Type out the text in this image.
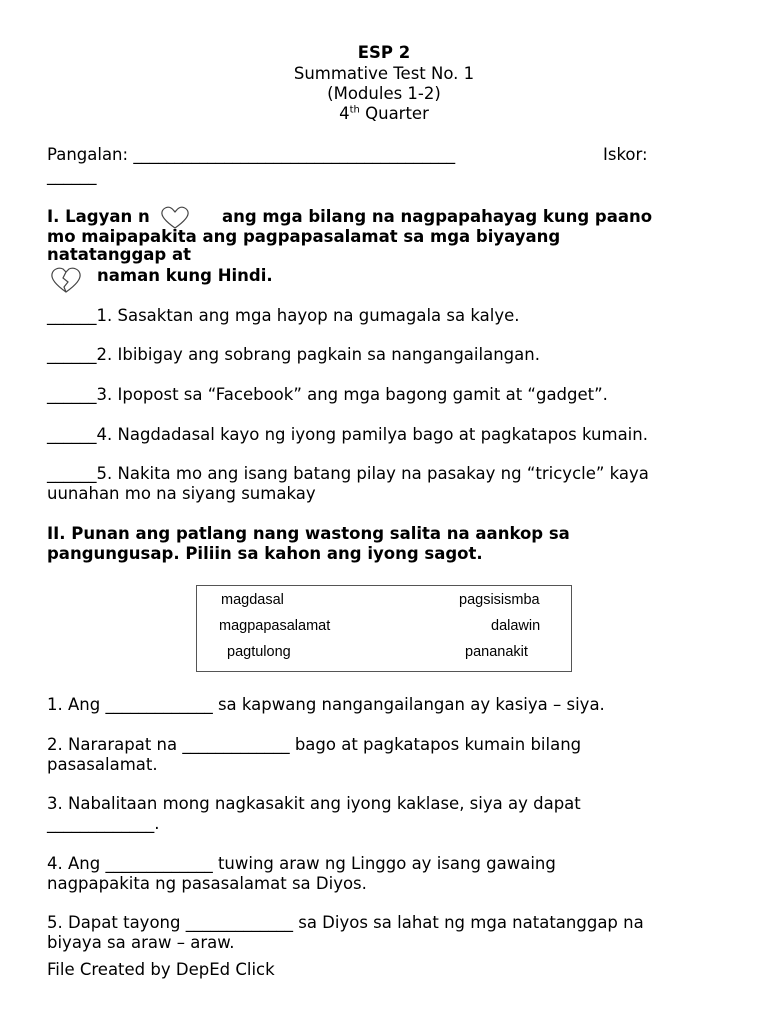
ESP 2
Summative Test No. 1
(Modules 1-2)
4th Quarter
Pangalan: _______________________________________	Iskor:
______
I. Lagyan n	ang mga bilang na nagpapahayag kung paano
mo maipapakita ang pagpapasalamat sa mga biyayang
natatanggap at
naman kung Hindi.
______1. Sasaktan ang mga hayop na gumagala sa kalye.
______2. Ibibigay ang sobrang pagkain sa nangangailangan.
______3. Ipopost sa “Facebook” ang mga bagong gamit at “gadget”.
______4. Nagdadasal kayo ng iyong pamilya bago at pagkatapos kumain.
______5. Nakita mo ang isang batang pilay na pasakay ng “tricycle” kaya
uunahan mo na siyang sumakay
II. Punan ang patlang nang wastong salita na aankop sa
pangungusap. Piliin sa kahon ang iyong sagot.
magdasal	pagsisismba
magpapasalamat	dalawin
pagtulong	pananakit
1. Ang _____________ sa kapwang nangangailangan ay kasiya – siya.
2. Nararapat na _____________ bago at pagkatapos kumain bilang
pasasalamat.
3. Nabalitaan mong nagkasakit ang iyong kaklase, siya ay dapat
_____________.
4. Ang _____________ tuwing araw ng Linggo ay isang gawaing
nagpapakita ng pasasalamat sa Diyos.
5. Dapat tayong _____________ sa Diyos sa lahat ng mga natatanggap na
biyaya sa araw – araw.
File Created by DepEd Click
